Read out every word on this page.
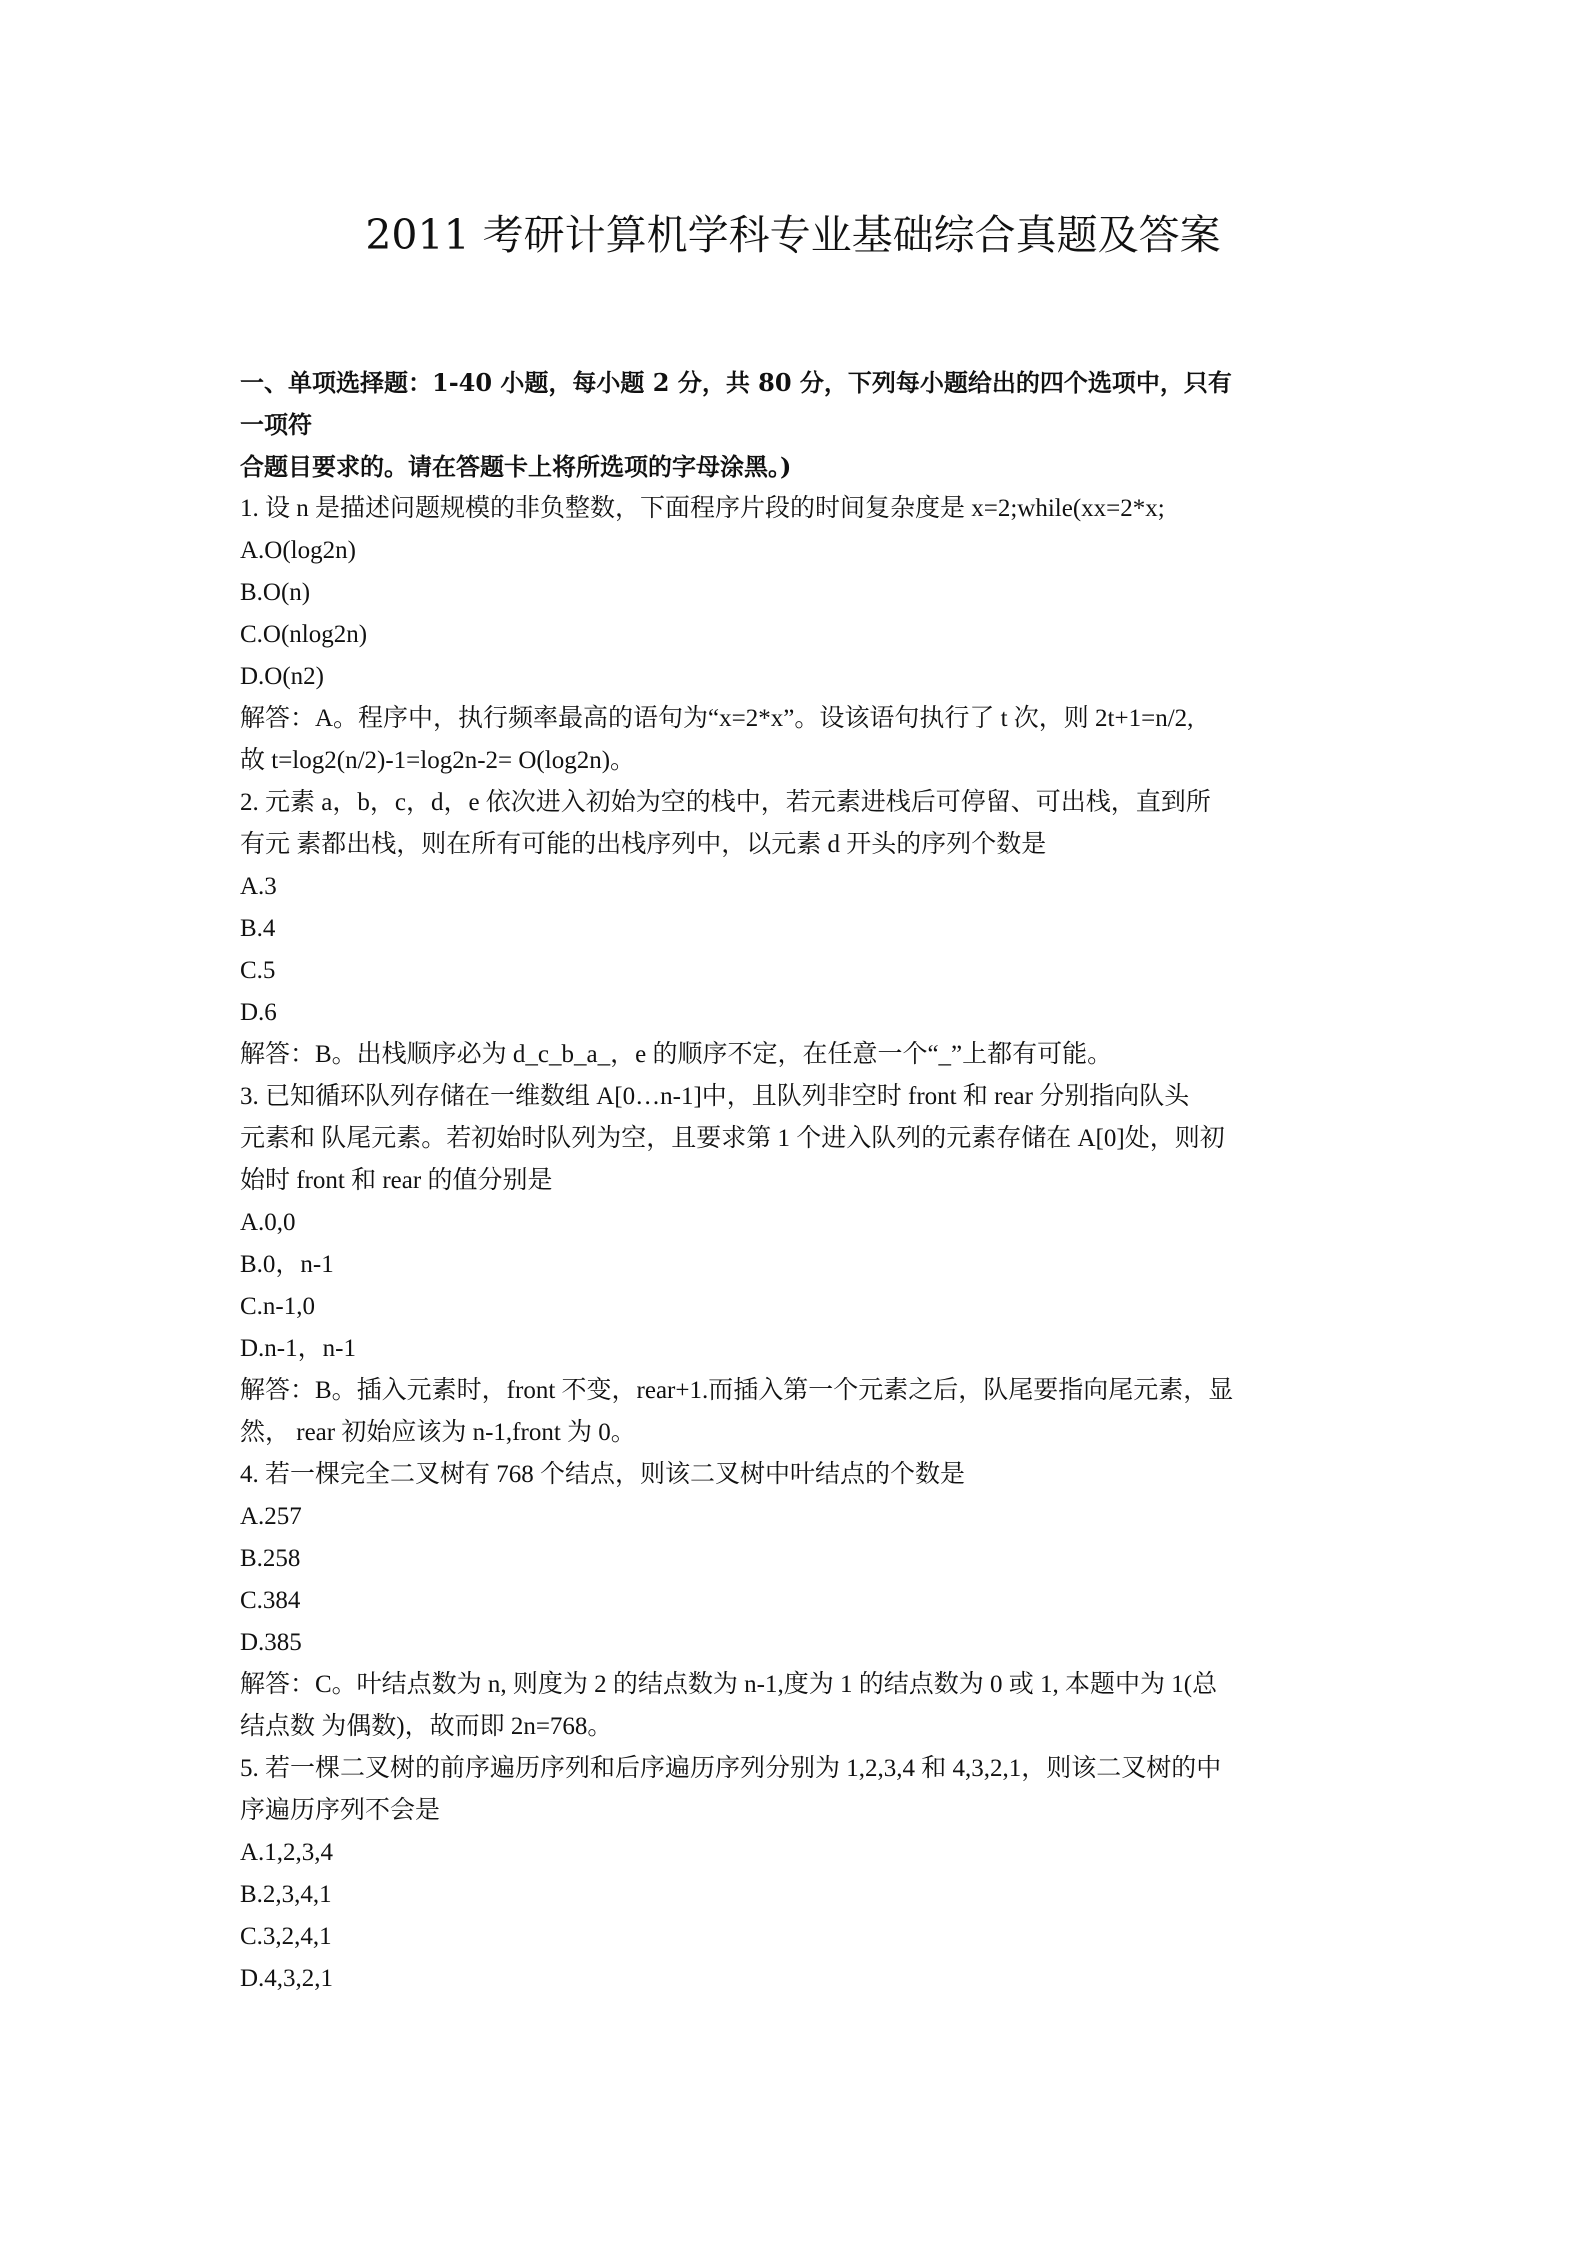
2011 考研计算机学科专业基础综合真题及答案

一、单项选择题：1-40 小题，每小题 2 分，共 80 分，下列每小题给出的四个选项中，只有

一项符

合题目要求的。请在答题卡上将所选项的字母涂黑。)

1. 设 n 是描述问题规模的非负整数，下面程序片段的时间复杂度是 x=2;while(xx=2*x;

A.O(log2n)

B.O(n)

C.O(nlog2n)

D.O(n2)

解答：A。程序中，执行频率最高的语句为“x=2*x”。设该语句执行了 t 次，则 2t+1=n/2,

故 t=log2(n/2)-1=log2n-2= O(log2n)。

2. 元素 a，b，c，d，e 依次进入初始为空的栈中，若元素进栈后可停留、可出栈，直到所

有元 素都出栈，则在所有可能的出栈序列中，以元素 d 开头的序列个数是

A.3

B.4

C.5

D.6

解答：B。出栈顺序必为 d_c_b_a_，e 的顺序不定，在任意一个“_”上都有可能。

3. 已知循环队列存储在一维数组 A[0…n-1]中，且队列非空时 front 和 rear 分别指向队头

元素和 队尾元素。若初始时队列为空，且要求第 1 个进入队列的元素存储在 A[0]处，则初

始时 front 和 rear 的值分别是

A.0,0

B.0，n-1

C.n-1,0

D.n-1，n-1

解答：B。插入元素时，front 不变，rear+1.而插入第一个元素之后，队尾要指向尾元素，显

然， rear 初始应该为 n-1,front 为 0。

4. 若一棵完全二叉树有 768 个结点，则该二叉树中叶结点的个数是

A.257

B.258

C.384

D.385

解答：C。叶结点数为 n, 则度为 2 的结点数为 n-1,度为 1 的结点数为 0 或 1, 本题中为 1(总

结点数 为偶数)，故而即 2n=768。

5. 若一棵二叉树的前序遍历序列和后序遍历序列分别为 1,2,3,4 和 4,3,2,1，则该二叉树的中

序遍历序列不会是

A.1,2,3,4

B.2,3,4,1

C.3,2,4,1

D.4,3,2,1
